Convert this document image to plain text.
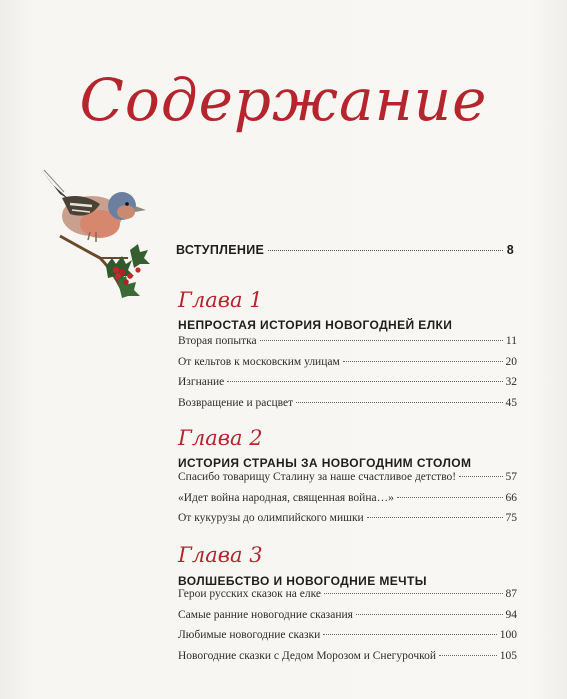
Содержание
ВСТУПЛЕНИЕ	8
Глава 1
НЕПРОСТАЯ ИСТОРИЯ НОВОГОДНЕЙ ЕЛКИ
Вторая попытка	11
От кельтов к московским улицам	20
Изгнание	32
Возвращение и расцвет	45
Глава 2
ИСТОРИЯ СТРАНЫ ЗА НОВОГОДНИМ СТОЛОМ
Спасибо товарищу Сталину за наше счастливое детство!	57
«Идет война народная, священная война…»	66
От кукурузы до олимпийского мишки	75
Глава 3
ВОЛШЕБСТВО И НОВОГОДНИЕ МЕЧТЫ
Герои русских сказок на елке	87
Самые ранние новогодние сказания	94
Любимые новогодние сказки	100
Новогодние сказки с Дедом Морозом и Снегурочкой	105
